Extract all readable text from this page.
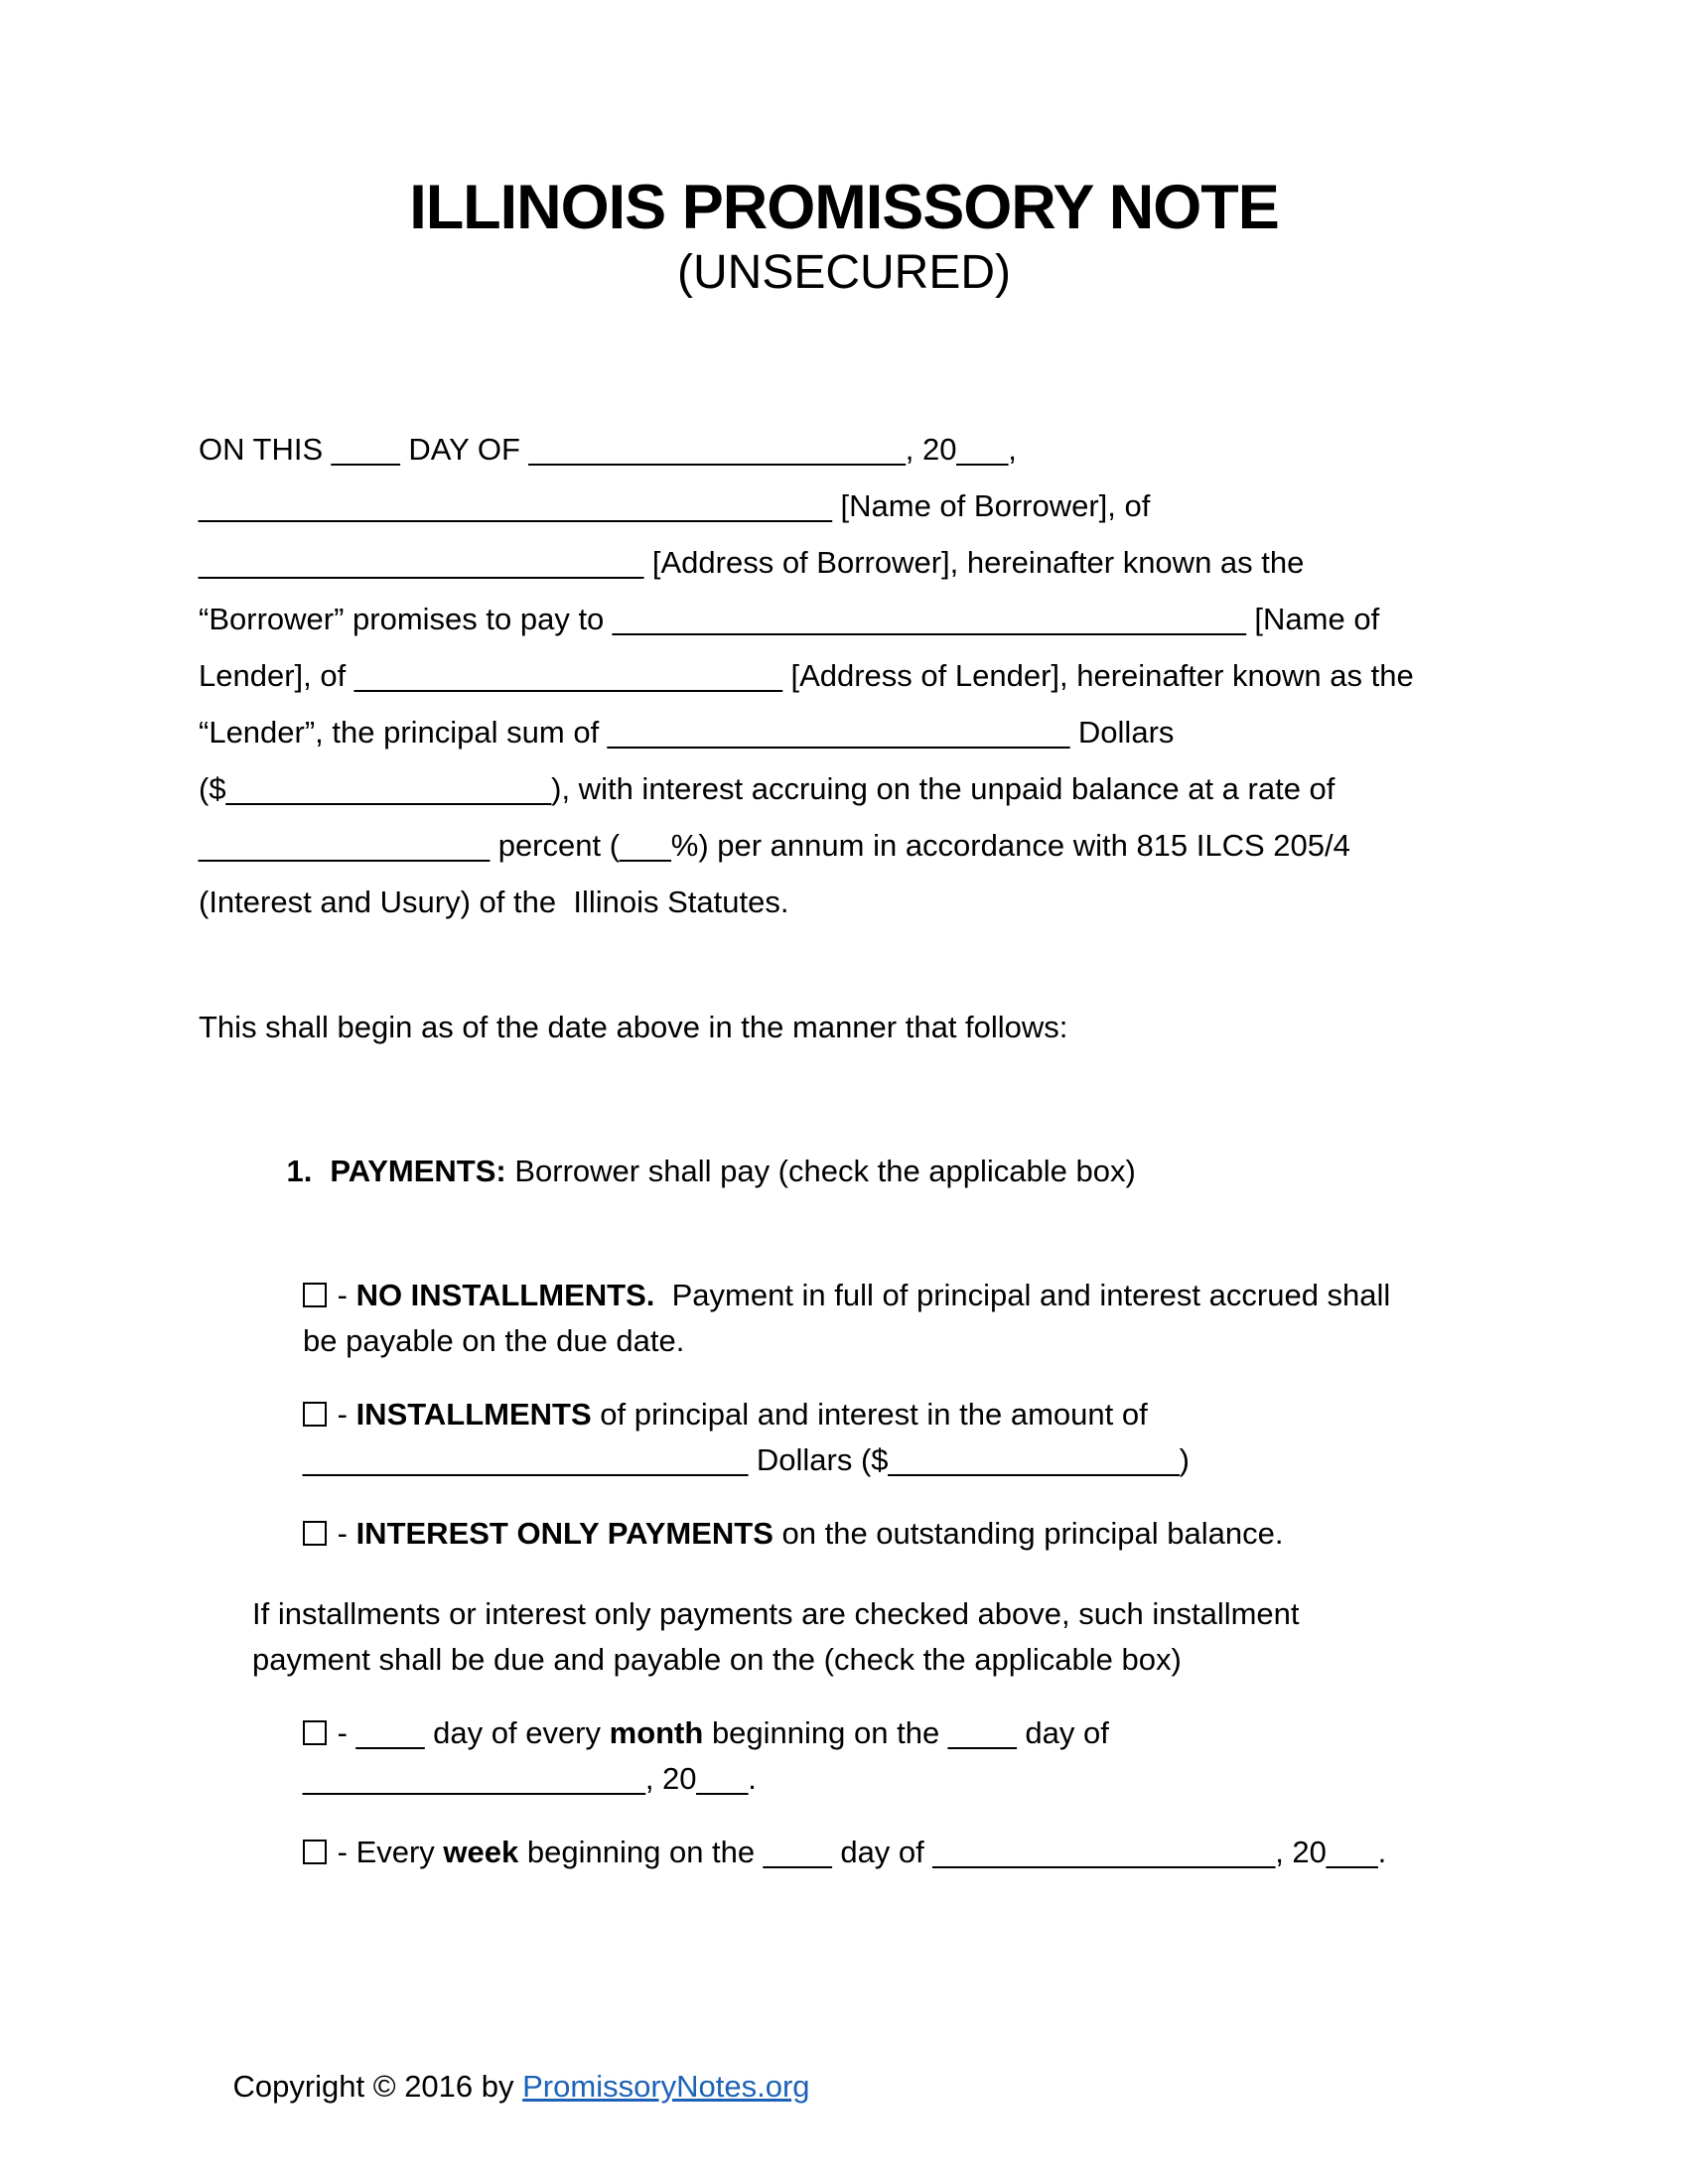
ILLINOIS PROMISSORY NOTE
(UNSECURED)
ON THIS ____ DAY OF ______________________, 20___,
_____________________________________ [Name of Borrower], of
__________________________ [Address of Borrower], hereinafter known as the
“Borrower” promises to pay to _____________________________________ [Name of
Lender], of _________________________ [Address of Lender], hereinafter known as the
“Lender”, the principal sum of ___________________________ Dollars
($___________________), with interest accruing on the unpaid balance at a rate of
_________________ percent (___%) per annum in accordance with 815 ILCS 205/4
(Interest and Usury) of the  Illinois Statutes.
This shall begin as of the date above in the manner that follows:

1. PAYMENTS: Borrower shall pay (check the applicable box)

- NO INSTALLMENTS.  Payment in full of principal and interest accrued shall
be payable on the due date.
- INSTALLMENTS of principal and interest in the amount of
__________________________ Dollars ($_________________)
- INTEREST ONLY PAYMENTS on the outstanding principal balance.
If installments or interest only payments are checked above, such installment
payment shall be due and payable on the (check the applicable box)
- ____ day of every month beginning on the ____ day of
____________________, 20___.
- Every week beginning on the ____ day of ____________________, 20___.

Copyright © 2016 by PromissoryNotes.org
